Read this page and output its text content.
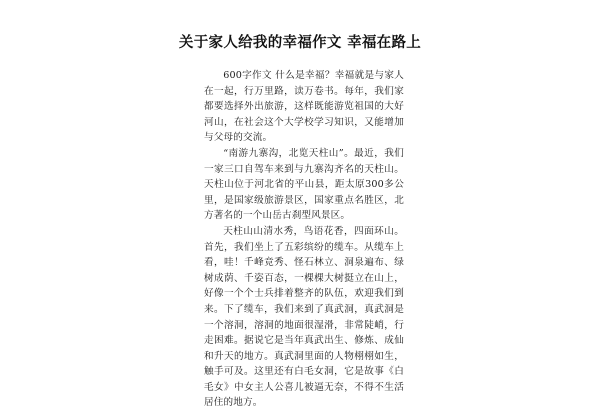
关于家人给我的幸福作文 幸福在路上

600字作文 什么是幸福？幸福就是与家人在一起，行万里路，读万卷书。每年，我们家都要选择外出旅游，这样既能游览祖国的大好河山，在社会这个大学校学习知识，又能增加与父母的交流。

“南游九寨沟，北览天柱山”。最近，我们一家三口自驾车来到与九寨沟齐名的天柱山。天柱山位于河北省的平山县，距太原300多公里，是国家级旅游景区，国家重点名胜区，北方著名的一个山岳古刹型风景区。

天柱山山清水秀，鸟语花香，四面环山。首先，我们坐上了五彩缤纷的缆车。从缆车上看，哇！千峰竞秀、怪石林立、洞泉遍布、绿树成荫、千姿百态，一棵棵大树挺立在山上，好像一个个士兵排着整齐的队伍，欢迎我们到来。下了缆车，我们来到了真武洞，真武洞是一个溶洞，溶洞的地面很湿滑，非常陡峭，行走困难。据说它是当年真武出生、修炼、成仙和升天的地方。真武洞里面的人物栩栩如生，触手可及。这里还有白毛女洞，它是故事《白毛女》中女主人公喜儿被逼无奈，不得不生活居住的地方。
